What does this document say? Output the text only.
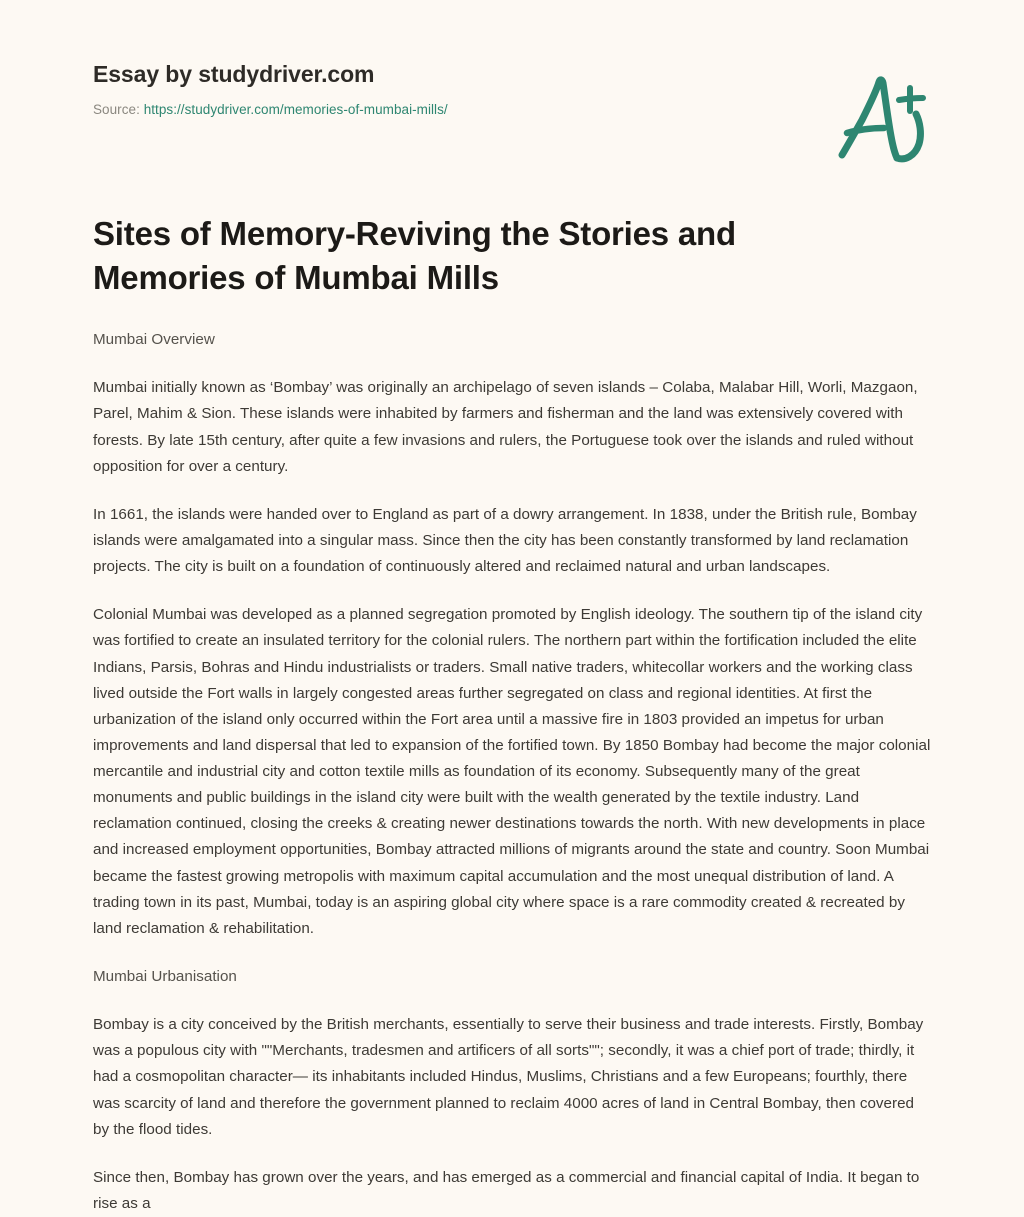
Essay by studydriver.com
Source: https://studydriver.com/memories-of-mumbai-mills/
Sites of Memory-Reviving the Stories and Memories of Mumbai Mills

Mumbai Overview

Mumbai initially known as ‘Bombay’ was originally an archipelago of seven islands – Colaba, Malabar Hill, Worli, Mazgaon, Parel, Mahim & Sion. These islands were inhabited by farmers and fisherman and the land was extensively covered with forests. By late 15th century, after quite a few invasions and rulers, the Portuguese took over the islands and ruled without opposition for over a century.

In 1661, the islands were handed over to England as part of a dowry arrangement. In 1838, under the British rule, Bombay islands were amalgamated into a singular mass. Since then the city has been constantly transformed by land reclamation projects. The city is built on a foundation of continuously altered and reclaimed natural and urban landscapes.

Colonial Mumbai was developed as a planned segregation promoted by English ideology. The southern tip of the island city was fortified to create an insulated territory for the colonial rulers. The northern part within the fortification included the elite Indians, Parsis, Bohras and Hindu industrialists or traders. Small native traders, whitecollar workers and the working class lived outside the Fort walls in largely congested areas further segregated on class and regional identities. At first the urbanization of the island only occurred within the Fort area until a massive fire in 1803 provided an impetus for urban improvements and land dispersal that led to expansion of the fortified town. By 1850 Bombay had become the major colonial mercantile and industrial city and cotton textile mills as foundation of its economy. Subsequently many of the great monuments and public buildings in the island city were built with the wealth generated by the textile industry. Land reclamation continued, closing the creeks & creating newer destinations towards the north. With new developments in place and increased employment opportunities, Bombay attracted millions of migrants around the state and country. Soon Mumbai became the fastest growing metropolis with maximum capital accumulation and the most unequal distribution of land. A trading town in its past, Mumbai, today is an aspiring global city where space is a rare commodity created & recreated by land reclamation & rehabilitation.

Mumbai Urbanisation

Bombay is a city conceived by the British merchants, essentially to serve their business and trade interests. Firstly, Bombay was a populous city with ""Merchants, tradesmen and artificers of all sorts""; secondly, it was a chief port of trade; thirdly, it had a cosmopolitan character— its inhabitants included Hindus, Muslims, Christians and a few Europeans; fourthly, there was scarcity of land and therefore the government planned to reclaim 4000 acres of land in Central Bombay, then covered by the flood tides.

Since then, Bombay has grown over the years, and has emerged as a commercial and financial capital of India. It began to rise as a
